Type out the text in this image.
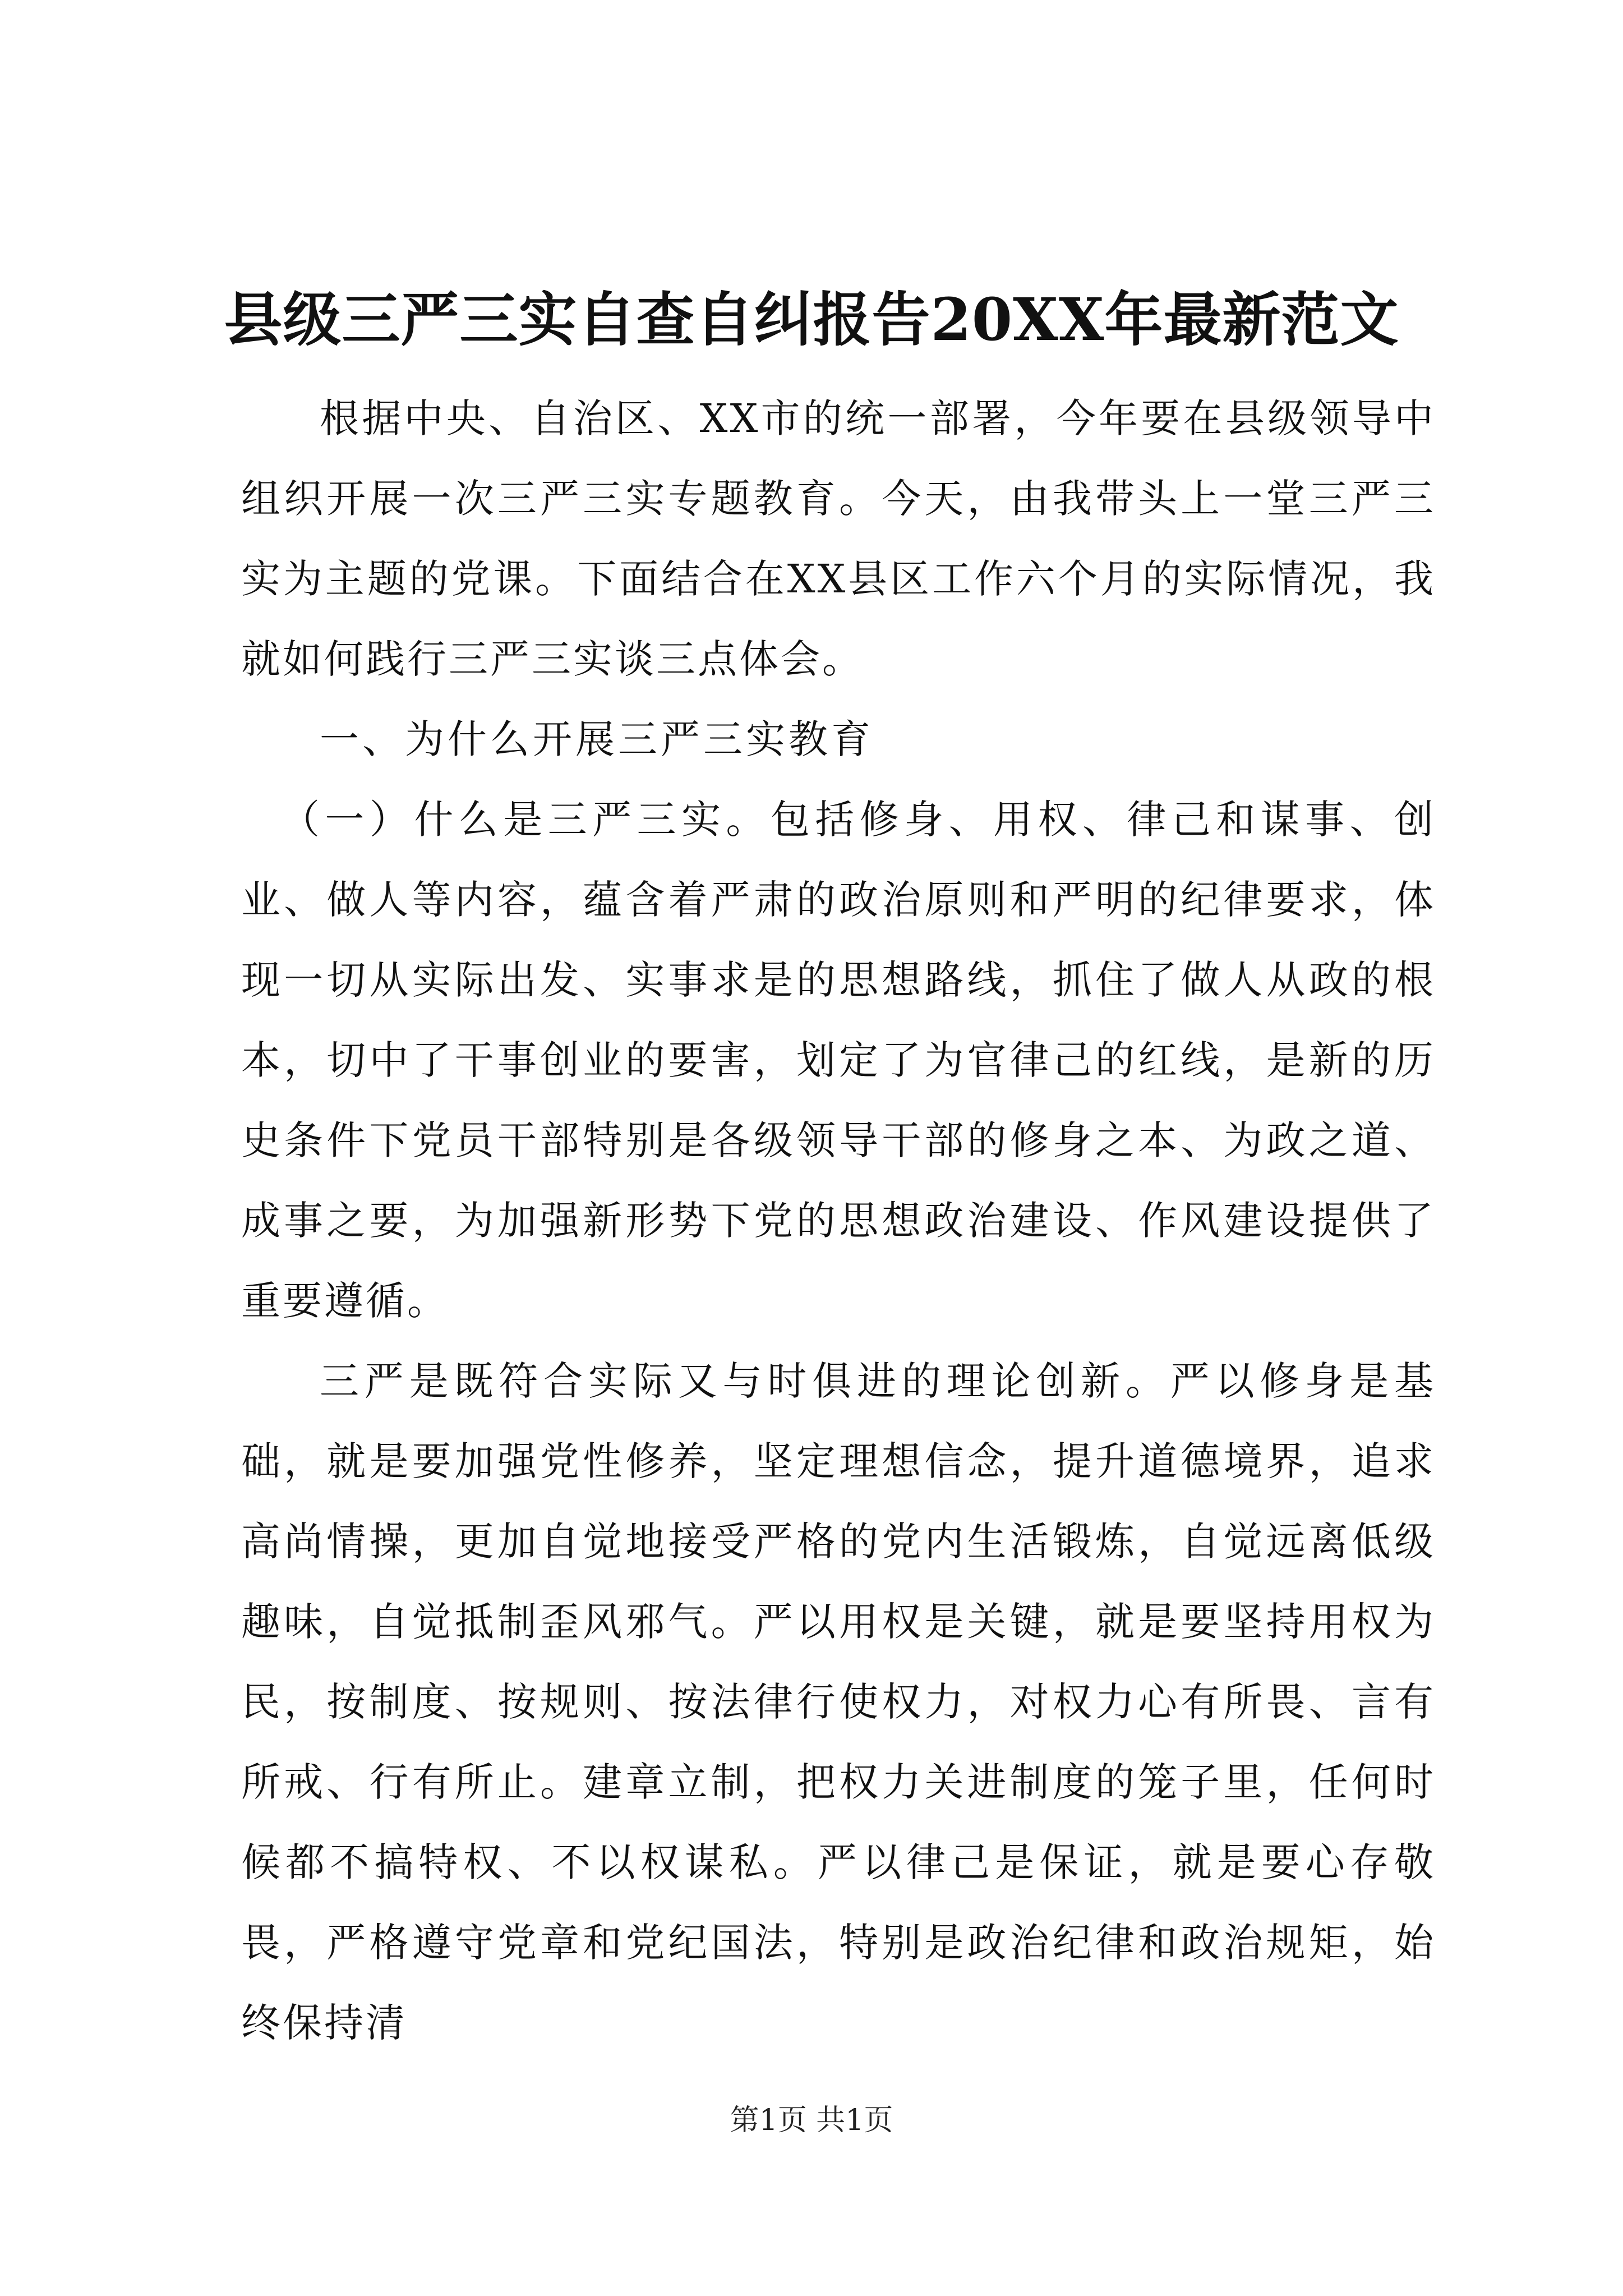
县级三严三实自查自纠报告20XX年最新范文

根据中央、自治区、XX市的统一部署，今年要在县级领导中组织开展一次三严三实专题教育。今天，由我带头上一堂三严三实为主题的党课。下面结合在XX县区工作六个月的实际情况，我就如何践行三严三实谈三点体会。

一、为什么开展三严三实教育

（一）什么是三严三实。包括修身、用权、律己和谋事、创业、做人等内容，蕴含着严肃的政治原则和严明的纪律要求，体现一切从实际出发、实事求是的思想路线，抓住了做人从政的根本，切中了干事创业的要害，划定了为官律己的红线，是新的历史条件下党员干部特别是各级领导干部的修身之本、为政之道、成事之要，为加强新形势下党的思想政治建设、作风建设提供了重要遵循。

三严是既符合实际又与时俱进的理论创新。严以修身是基础，就是要加强党性修养，坚定理想信念，提升道德境界，追求高尚情操，更加自觉地接受严格的党内生活锻炼，自觉远离低级趣味，自觉抵制歪风邪气。严以用权是关键，就是要坚持用权为民，按制度、按规则、按法律行使权力，对权力心有所畏、言有所戒、行有所止。建章立制，把权力关进制度的笼子里，任何时候都不搞特权、不以权谋私。严以律己是保证，就是要心存敬畏，严格遵守党章和党纪国法，特别是政治纪律和政治规矩，始终保持清

第1页 共1页
